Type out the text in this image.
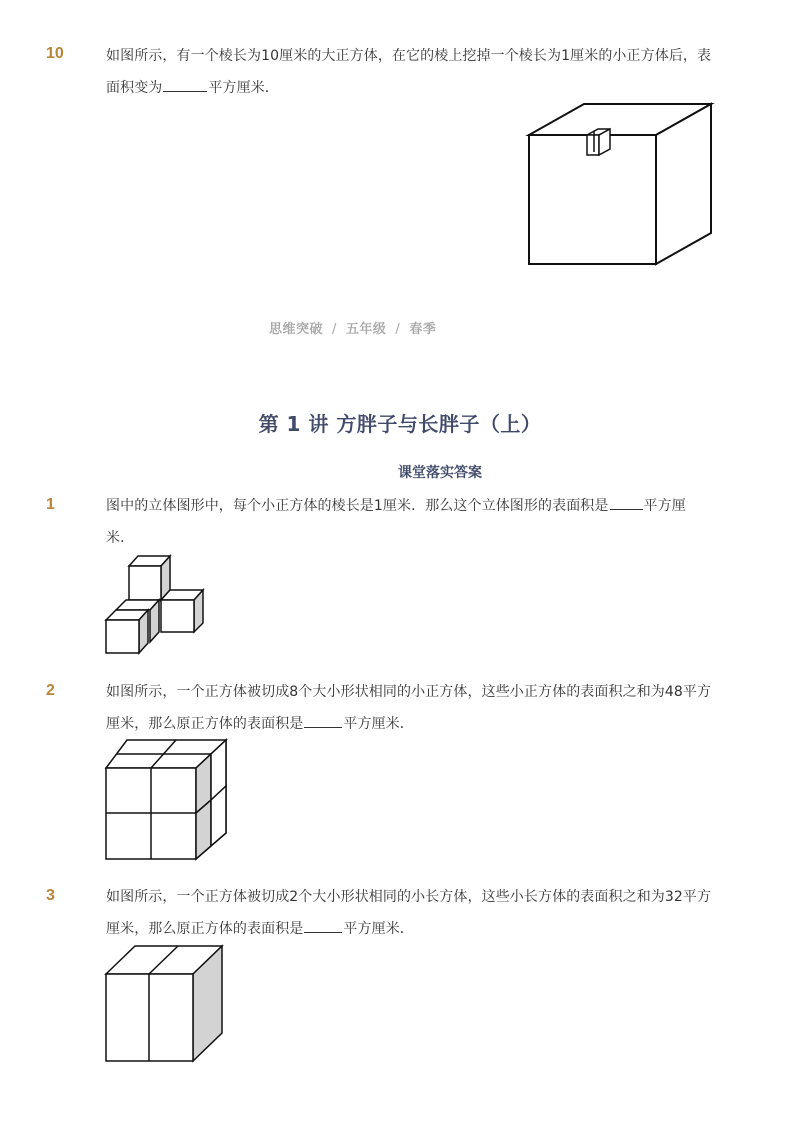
10	如图所示，有一个棱长为10厘米的大正方体，在它的棱上挖掉一个棱长为1厘米的小正方体后，表
面积变为	平方厘米．
思维突破 / 五年级 / 春季
第 1 讲 方胖子与长胖子（上）
课堂落实答案
1	图中的立体图形中，每个小正方体的棱长是1厘米．那么这个立体图形的表面积是	平方厘
米．
2	如图所示，一个正方体被切成8个大小形状相同的小正方体，这些小正方体的表面积之和为48平方
厘米，那么原正方体的表面积是	平方厘米．
3	如图所示，一个正方体被切成2个大小形状相同的小长方体，这些小长方体的表面积之和为32平方
厘米，那么原正方体的表面积是	平方厘米．
